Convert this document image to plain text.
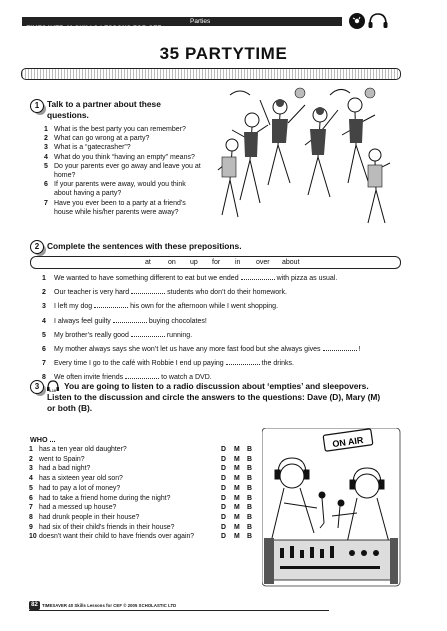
TIMESAVER 40 SKILLS LESSONS FOR CEF
Parties
35 PARTYTIME
1 Talk to a partner about these
questions.
1 What is the best party you can remember?
2 What can go wrong at a party?
3 What is a “gatecrasher”?
4 What do you think “having an empty” means?
5 Do your parents ever go away and leave you at
home?
6 If your parents were away, would you think
about having a party?
7 Have you ever been to a party at a friend’s
house while his/her parents were away?
2 Complete the sentences with these prepositions.
at on up for in over about
1 We wanted to have something different to eat but we ended	with pizza as usual.
2 Our teacher is very hard	students who don’t do their homework.
3 I left my dog	his own for the afternoon while I went shopping.
4 I always feel guilty	buying chocolates!
5 My brother’s really good	running.
6 My mother always says she won’t let us have any more fast food but she always gives	!
7 Every time I go to the café with Robbie I end up paying	the drinks.
8 We often invite friends	to watch a DVD.
3	1.19 You are going to listen to a radio discussion about ‘empties’ and sleepovers.
Listen to the discussion and circle the answers to the questions: Dave (D), Mary (M)
or both (B).
WHO ...
1 has a ten year old daughter?	D M B
2 went to Spain?	D M B
3 had a bad night?	D M B
4 has a sixteen year old son?	D M B
5 had to pay a lot of money?	D M B
6 had to take a friend home during the night?	D M B
7 had a messed up house?	D M B
8 had drunk people in their house?	D M B
9 had six of their child’s friends in their house?	D M B
10 doesn’t want their child to have friends over again?	D M B
ON AIR
82 TIMESAVER 40 Skills Lessons for CEF © 2005 SCHOLASTIC LTD
